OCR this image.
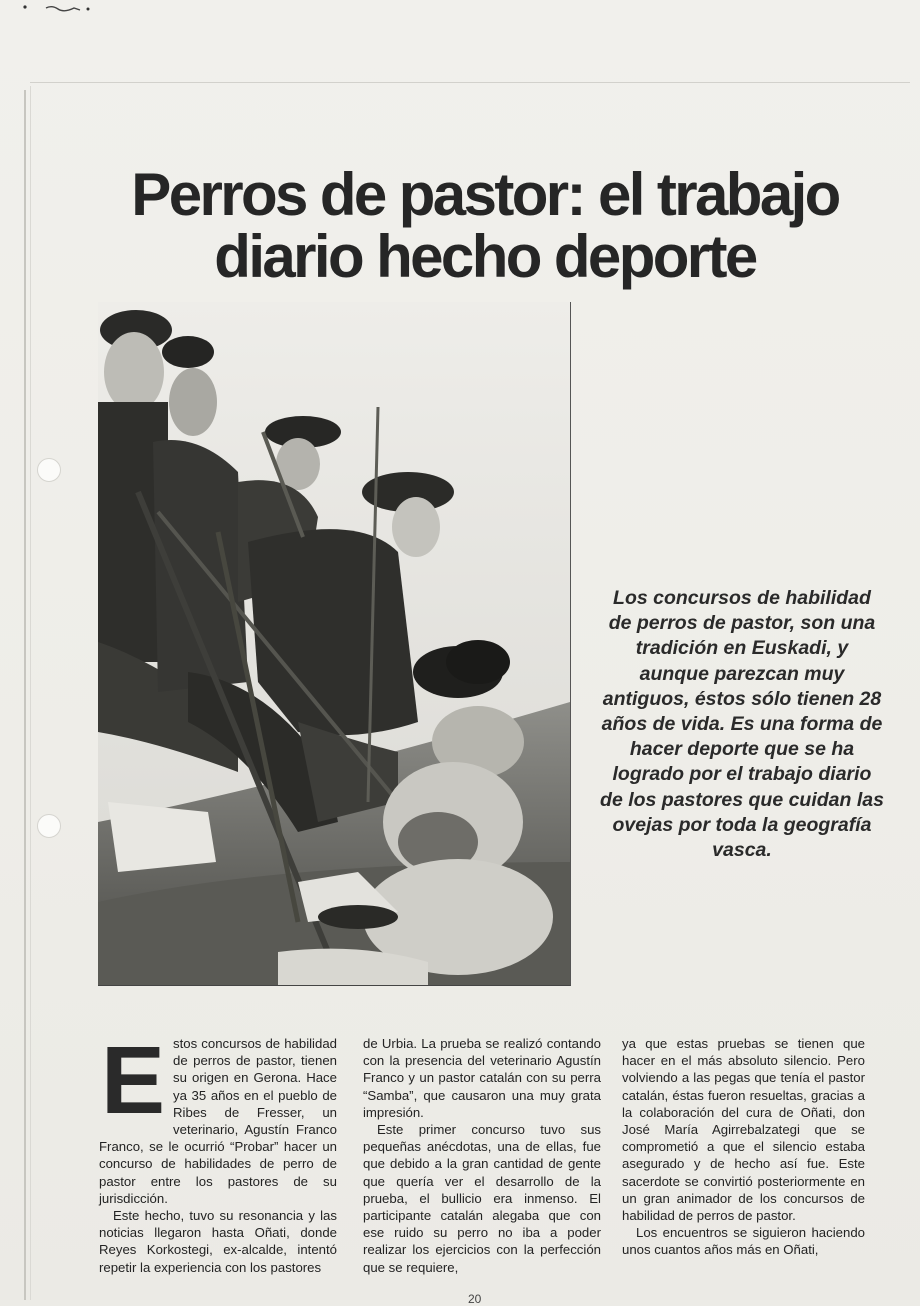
Perros de pastor: el trabajo
diario hecho deporte

Los concursos de habilidad de perros de pastor, son una tradición en Euskadi, y aunque parezcan muy antiguos, éstos sólo tienen 28 años de vida. Es una forma de hacer deporte que se ha logrado por el trabajo diario de los pastores que cuidan las ovejas por toda la geografía vasca.

E stos concursos de habilidad de perros de pastor, tienen su origen en Gerona. Hace ya 35 años en el pueblo de Ribes de Fresser, un veterinario, Agustín Franco Franco, se le ocurrió “Probar” hacer un concurso de habilidades de perro de pastor entre los pastores de su jurisdicción.

Este hecho, tuvo su resonancia y las noticias llegaron hasta Oñati, donde Reyes Korkostegi, ex-alcalde, intentó repetir la experiencia con los pastores

de Urbia. La prueba se realizó contando con la presencia del veterinario Agustín Franco y un pastor catalán con su perra “Samba”, que causaron una muy grata impresión.

Este primer concurso tuvo sus pequeñas anécdotas, una de ellas, fue que debido a la gran cantidad de gente que quería ver el desarrollo de la prueba, el bullicio era inmenso. El participante catalán alegaba que con ese ruido su perro no iba a poder realizar los ejercicios con la perfección que se requiere,

ya que estas pruebas se tienen que hacer en el más absoluto silencio. Pero volviendo a las pegas que tenía el pastor catalán, éstas fueron resueltas, gracias a la colaboración del cura de Oñati, don José María Agirrebalzategi que se comprometió a que el silencio estaba asegurado y de hecho así fue. Este sacerdote se convirtió posteriormente en un gran animador de los concursos de habilidad de perros de pastor.

Los encuentros se siguieron haciendo unos cuantos años más en Oñati,

20
